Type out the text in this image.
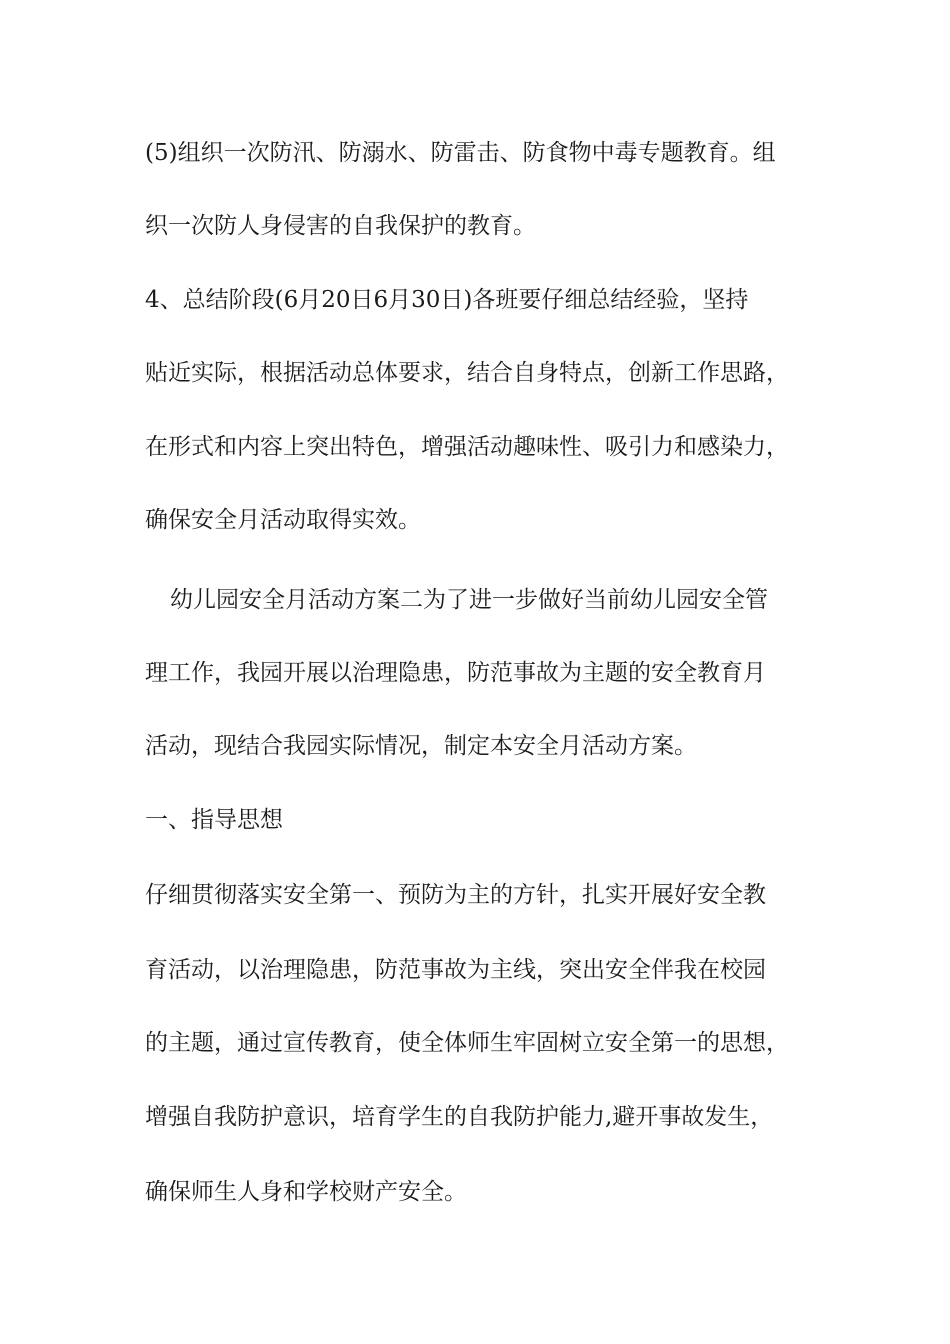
(5)组织一次防汛、防溺水、防雷击、防食物中毒专题教育。组
织一次防人身侵害的自我保护的教育。
4、总结阶段(6月20日6月30日)各班要仔细总结经验，坚持
贴近实际，根据活动总体要求，结合自身特点，创新工作思路，
在形式和内容上突出特色，增强活动趣味性、吸引力和感染力，
确保安全月活动取得实效。
幼儿园安全月活动方案二为了进一步做好当前幼儿园安全管
理工作，我园开展以治理隐患，防范事故为主题的安全教育月
活动，现结合我园实际情况，制定本安全月活动方案。
一、指导思想
仔细贯彻落实安全第一、预防为主的方针，扎实开展好安全教
育活动，以治理隐患，防范事故为主线，突出安全伴我在校园
的主题，通过宣传教育，使全体师生牢固树立安全第一的思想，
增强自我防护意识，培育学生的自我防护能力,避开事故发生，
确保师生人身和学校财产安全。
